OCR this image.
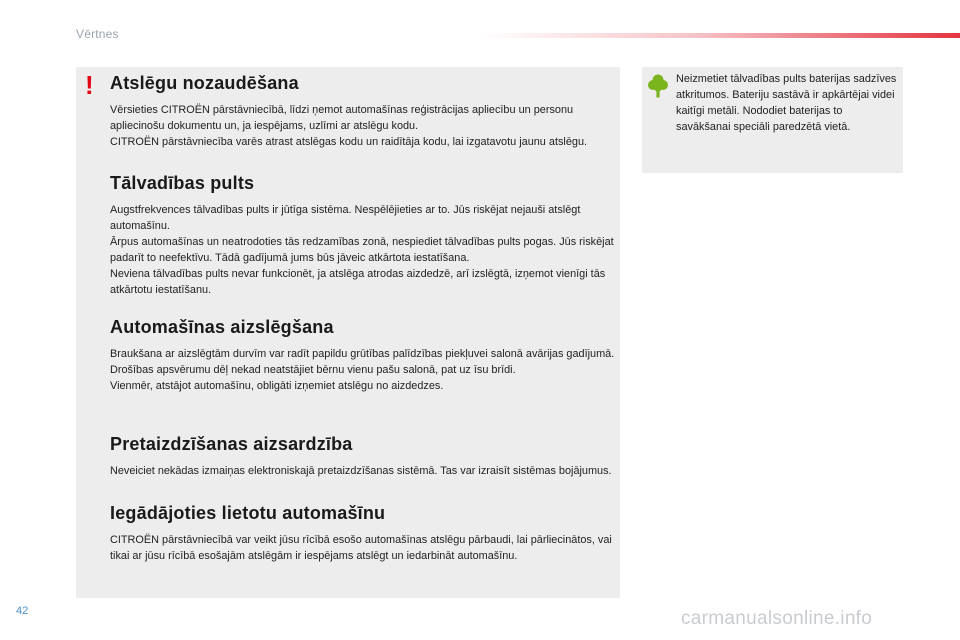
Vērtnes
! Atslēgu nozaudēšana

Vērsieties CITROËN pārstāvniecībā, līdzi ņemot automašīnas reģistrācijas apliecību un personu apliecinošu dokumentu un, ja iespējams, uzlīmi ar atslēgu kodu.

CITROËN pārstāvniecība varēs atrast atslēgas kodu un raidītāja kodu, lai izgatavotu jaunu atslēgu.

Tālvadības pults

Augstfrekvences tālvadības pults ir jūtīga sistēma. Nespēlējieties ar to. Jūs riskējat nejauši atslēgt automašīnu.

Ārpus automašīnas un neatrodoties tās redzamības zonā, nespiediet tālvadības pults pogas. Jūs riskējat padarīt to neefektīvu. Tādā gadījumā jums būs jāveic atkārtota iestatīšana.

Neviena tālvadības pults nevar funkcionēt, ja atslēga atrodas aizdedzē, arī izslēgtā, izņemot vienīgi tās atkārtotu iestatīšanu.

Automašīnas aizslēgšana

Braukšana ar aizslēgtām durvīm var radīt papildu grūtības palīdzības piekļuvei salonā avārijas gadījumā.

Drošības apsvērumu dēļ nekad neatstājiet bērnu vienu pašu salonā, pat uz īsu brīdi.

Vienmēr, atstājot automašīnu, obligāti izņemiet atslēgu no aizdedzes.

Pretaizdzīšanas aizsardzība

Neveiciet nekādas izmaiņas elektroniskajā pretaizdzīšanas sistēmā. Tas var izraisīt sistēmas bojājumus.

Iegādājoties lietotu automašīnu

CITROËN pārstāvniecībā var veikt jūsu rīcībā esošo automašīnas atslēgu pārbaudi, lai pārliecinātos, vai tikai ar jūsu rīcībā esošajām atslēgām ir iespējams atslēgt un iedarbināt automašīnu.

Neizmetiet tālvadības pults baterijas sadzīves atkritumos. Bateriju sastāvā ir apkārtējai videi kaitīgi metāli. Nododiet baterijas to savākšanai speciāli paredzētā vietā.

42	carmanualsonline.info
